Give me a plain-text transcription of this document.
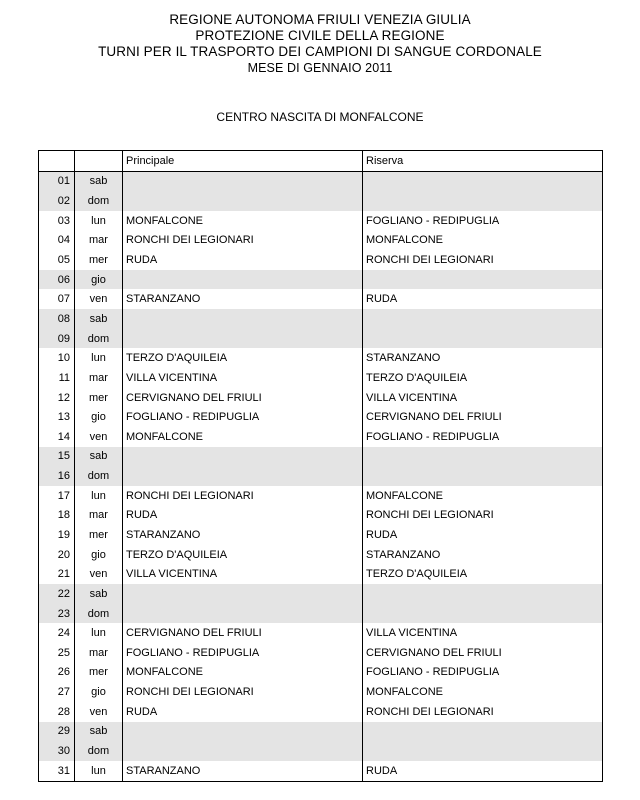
REGIONE AUTONOMA FRIULI VENEZIA GIULIA
PROTEZIONE CIVILE DELLA REGIONE
TURNI PER IL TRASPORTO DEI CAMPIONI DI SANGUE CORDONALE
MESE DI GENNAIO 2011
CENTRO NASCITA DI MONFALCONE
		Principale	Riserva
01	sab		
02	dom		
03	lun	MONFALCONE	FOGLIANO - REDIPUGLIA
04	mar	RONCHI DEI LEGIONARI	MONFALCONE
05	mer	RUDA	RONCHI DEI LEGIONARI
06	gio		
07	ven	STARANZANO	RUDA
08	sab		
09	dom		
10	lun	TERZO D'AQUILEIA	STARANZANO
11	mar	VILLA VICENTINA	TERZO D'AQUILEIA
12	mer	CERVIGNANO DEL FRIULI	VILLA VICENTINA
13	gio	FOGLIANO - REDIPUGLIA	CERVIGNANO DEL FRIULI
14	ven	MONFALCONE	FOGLIANO - REDIPUGLIA
15	sab		
16	dom		
17	lun	RONCHI DEI LEGIONARI	MONFALCONE
18	mar	RUDA	RONCHI DEI LEGIONARI
19	mer	STARANZANO	RUDA
20	gio	TERZO D'AQUILEIA	STARANZANO
21	ven	VILLA VICENTINA	TERZO D'AQUILEIA
22	sab		
23	dom		
24	lun	CERVIGNANO DEL FRIULI	VILLA VICENTINA
25	mar	FOGLIANO - REDIPUGLIA	CERVIGNANO DEL FRIULI
26	mer	MONFALCONE	FOGLIANO - REDIPUGLIA
27	gio	RONCHI DEI LEGIONARI	MONFALCONE
28	ven	RUDA	RONCHI DEI LEGIONARI
29	sab		
30	dom		
31	lun	STARANZANO	RUDA
